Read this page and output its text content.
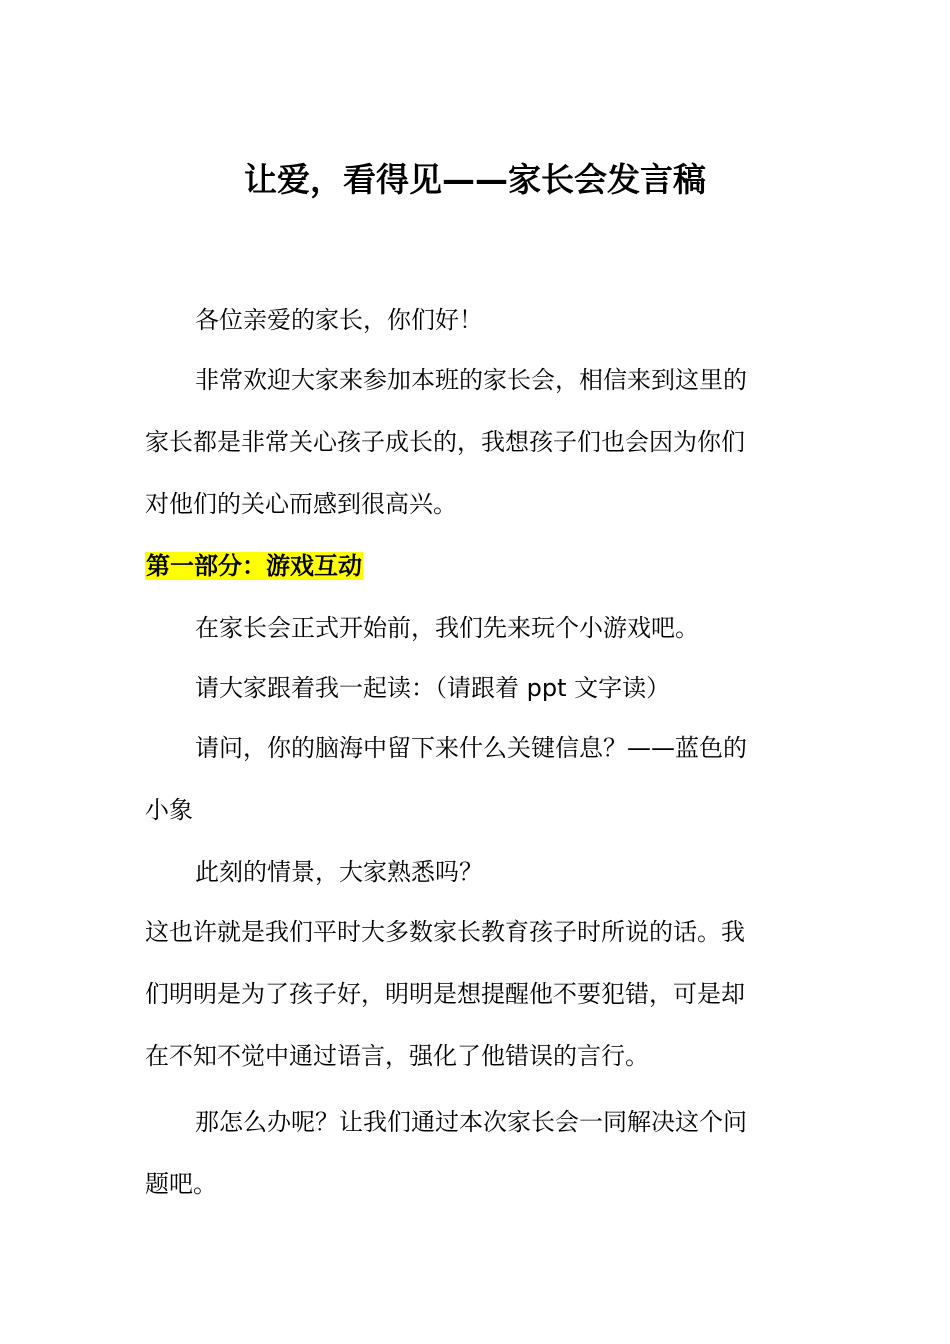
让爱，看得见——家长会发言稿

各位亲爱的家长，你们好！

非常欢迎大家来参加本班的家长会，相信来到这里的
家长都是非常关心孩子成长的，我想孩子们也会因为你们
对他们的关心而感到很高兴。

第一部分：游戏互动

在家长会正式开始前，我们先来玩个小游戏吧。

请大家跟着我一起读：（请跟着 ppt 文字读）

请问，你的脑海中留下来什么关键信息？——蓝色的
小象

此刻的情景，大家熟悉吗？

这也许就是我们平时大多数家长教育孩子时所说的话。我
们明明是为了孩子好，明明是想提醒他不要犯错，可是却
在不知不觉中通过语言，强化了他错误的言行。

那怎么办呢？让我们通过本次家长会一同解决这个问
题吧。
